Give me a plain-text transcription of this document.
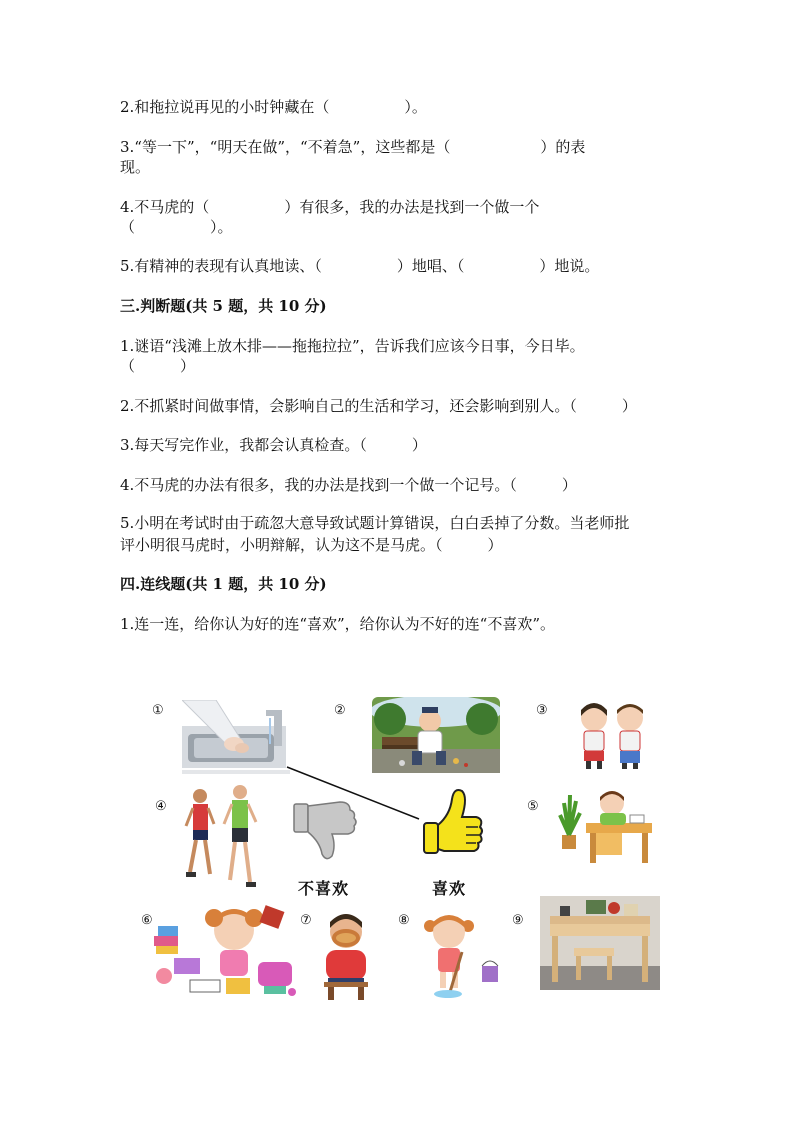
2.和拖拉说再见的小时钟藏在（　　　　　）。
3.“等一下”，“明天在做”，“不着急”，这些都是（　　　　　　）的表
现。
4.不马虎的（　　　　　）有很多，我的办法是找到一个做一个
（　　　　　）。
5.有精神的表现有认真地读、（　　　　　）地唱、（　　　　　）地说。
三.判断题(共 5 题，共 10 分)
1.谜语“浅滩上放木排——拖拖拉拉”，告诉我们应该今日事，今日毕。
（　　　）
2.不抓紧时间做事情，会影响自己的生活和学习，还会影响到别人。（　　　）
3.每天写完作业，我都会认真检查。（　　　）
4.不马虎的办法有很多，我的办法是找到一个做一个记号。（　　　）
5.小明在考试时由于疏忽大意导致试题计算错误，白白丢掉了分数。当老师批
评小明很马虎时，小明辩解，认为这不是马虎。（　　　）
四.连线题(共 1 题，共 10 分)
1.连一连，给你认为好的连“喜欢”，给你认为不好的连“不喜欢”。
①	②	③
④	⑤
⑥	⑦	⑧	⑨
不喜欢	喜欢
